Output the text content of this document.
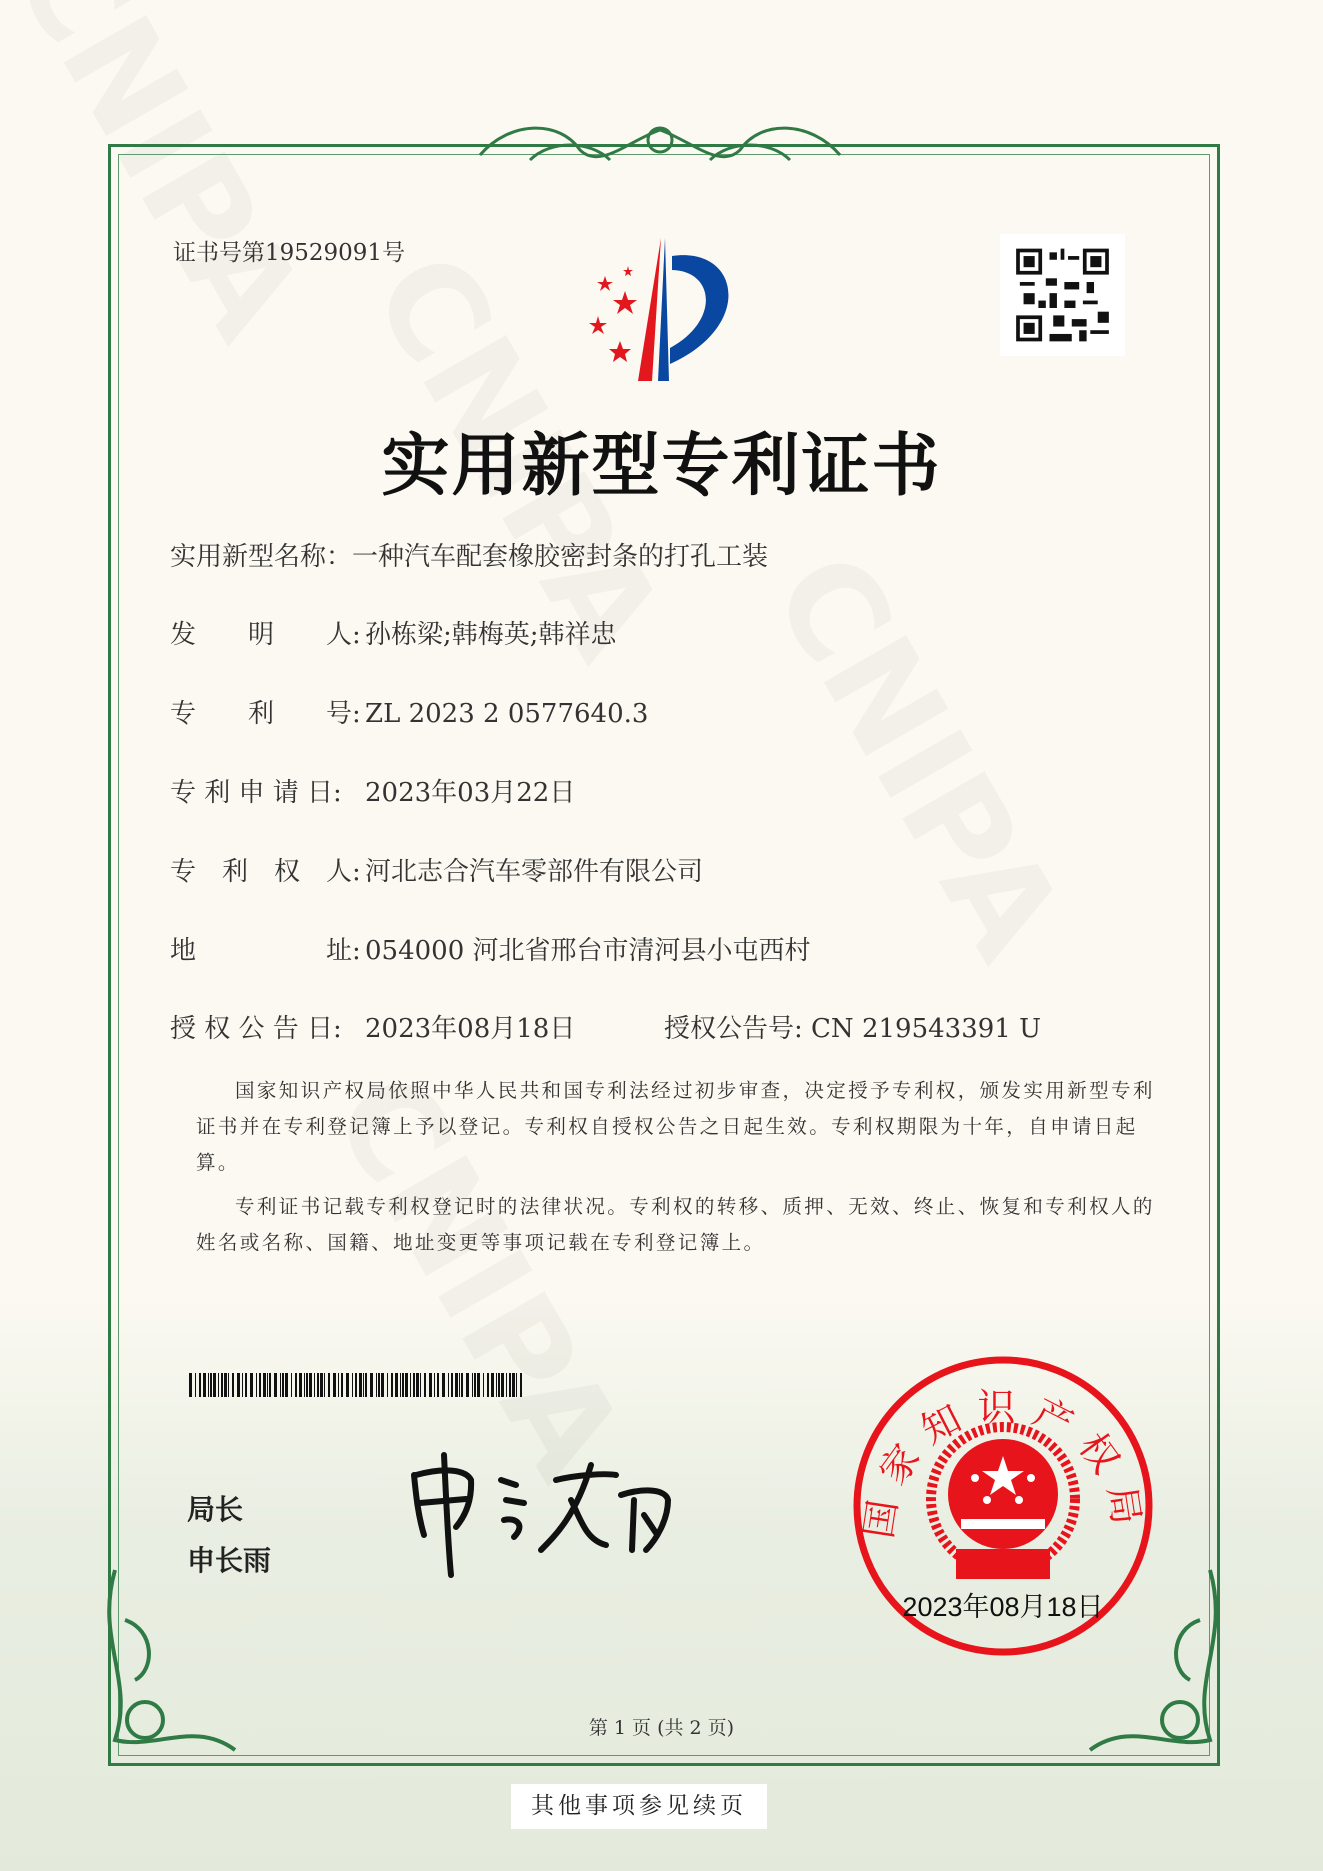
证书号第19529091号
实用新型专利证书
实用新型名称：一种汽车配套橡胶密封条的打孔工装
发　　明　　人: 孙栋梁;韩梅英;韩祥忠
专　　利　　号: ZL 2023 2 0577640.3
专 利 申 请 日: 2023年03月22日
专　利　权　人: 河北志合汽车零部件有限公司
地　　　　　址: 054000 河北省邢台市清河县小屯西村
授 权 公 告 日: 2023年08月18日	授权公告号: CN 219543391 U
国家知识产权局依照中华人民共和国专利法经过初步审查，决定授予专利权，颁发实用新型专利证书并在专利登记簿上予以登记。专利权自授权公告之日起生效。专利权期限为十年，自申请日起算。
专利证书记载专利权登记时的法律状况。专利权的转移、质押、无效、终止、恢复和专利权人的姓名或名称、国籍、地址变更等事项记载在专利登记簿上。
局长
申长雨
国家知识产权局
2023年08月18日
第 1 页 (共 2 页)
其他事项参见续页
